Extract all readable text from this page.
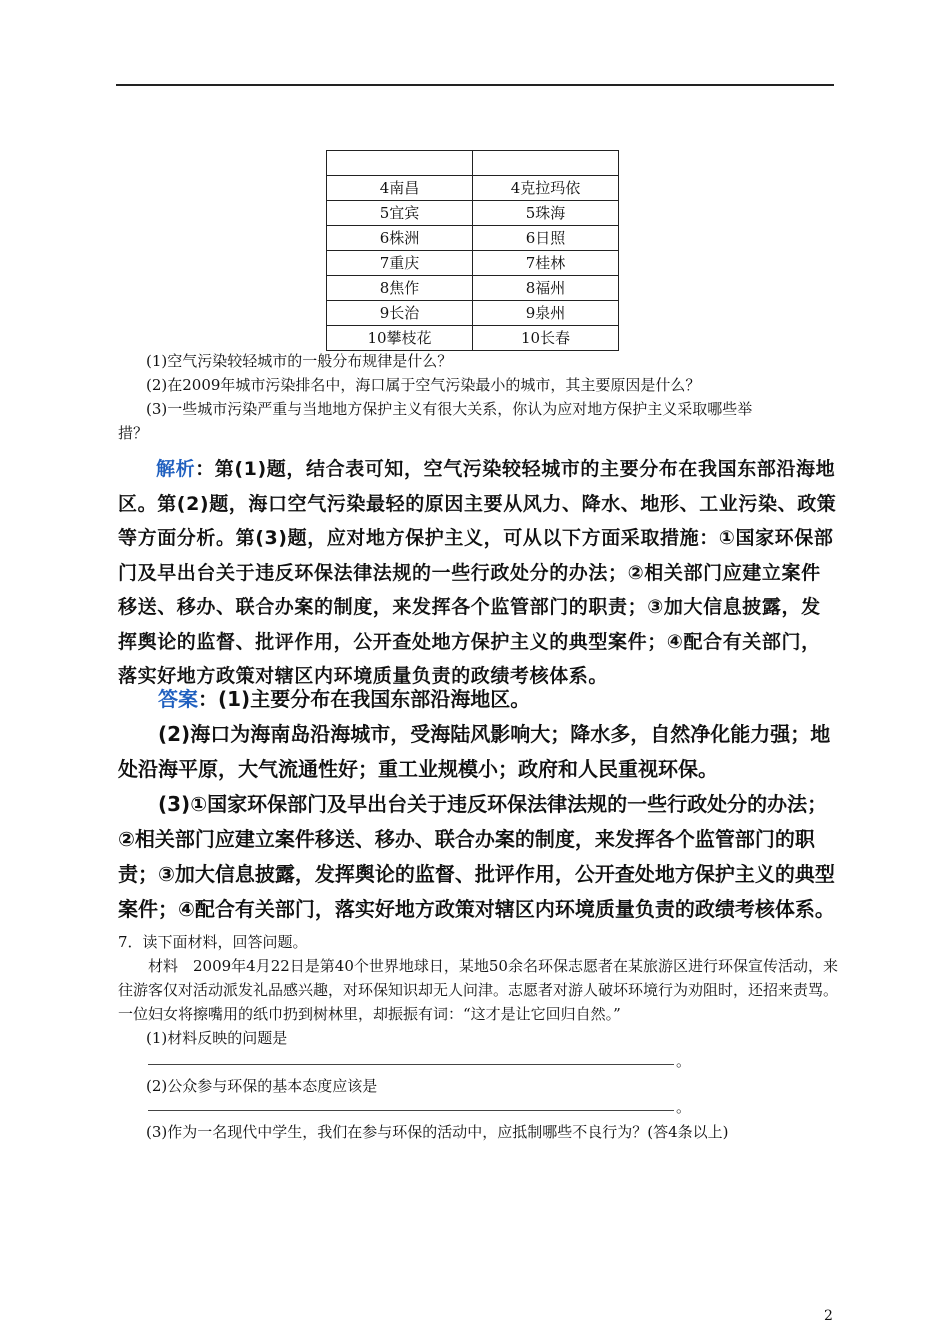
4南昌	4克拉玛依
5宜宾	5珠海
6株洲	6日照
7重庆	7桂林
8焦作	8福州
9长治	9泉州
10攀枝花	10长春
(1)空气污染较轻城市的一般分布规律是什么？
(2)在2009年城市污染排名中，海口属于空气污染最小的城市，其主要原因是什么？
(3)一些城市污染严重与当地地方保护主义有很大关系，你认为应对地方保护主义采取哪些举
措？

解析：第(1)题，结合表可知，空气污染较轻城市的主要分布在我国东部沿海地区。第(2)题，海口空气污染最轻的原因主要从风力、降水、地形、工业污染、政策等方面分析。第(3)题，应对地方保护主义，可从以下方面采取措施：①国家环保部门及早出台关于违反环保法律法规的一些行政处分的办法；②相关部门应建立案件移送、移办、联合办案的制度，来发挥各个监管部门的职责；③加大信息披露，发挥舆论的监督、批评作用，公开查处地方保护主义的典型案件；④配合有关部门，落实好地方政策对辖区内环境质量负责的政绩考核体系。

答案：(1)主要分布在我国东部沿海地区。

(2)海口为海南岛沿海城市，受海陆风影响大；降水多，自然净化能力强；地处沿海平原，大气流通性好；重工业规模小；政府和人民重视环保。

(3)①国家环保部门及早出台关于违反环保法律法规的一些行政处分的办法；②相关部门应建立案件移送、移办、联合办案的制度，来发挥各个监管部门的职责；③加大信息披露，发挥舆论的监督、批评作用，公开查处地方保护主义的典型案件；④配合有关部门，落实好地方政策对辖区内环境质量负责的政绩考核体系。

7．读下面材料，回答问题。

材料　2009年4月22日是第40个世界地球日，某地50余名环保志愿者在某旅游区进行环保宣传活动，来往游客仅对活动派发礼品感兴趣，对环保知识却无人问津。志愿者对游人破坏环境行为劝阻时，还招来责骂。一位妇女将擦嘴用的纸巾扔到树林里，却振振有词：“这才是让它回归自然。”

(1)材料反映的问题是
。
(2)公众参与环保的基本态度应该是
。
(3)作为一名现代中学生，我们在参与环保的活动中，应抵制哪些不良行为？(答4条以上)
2
